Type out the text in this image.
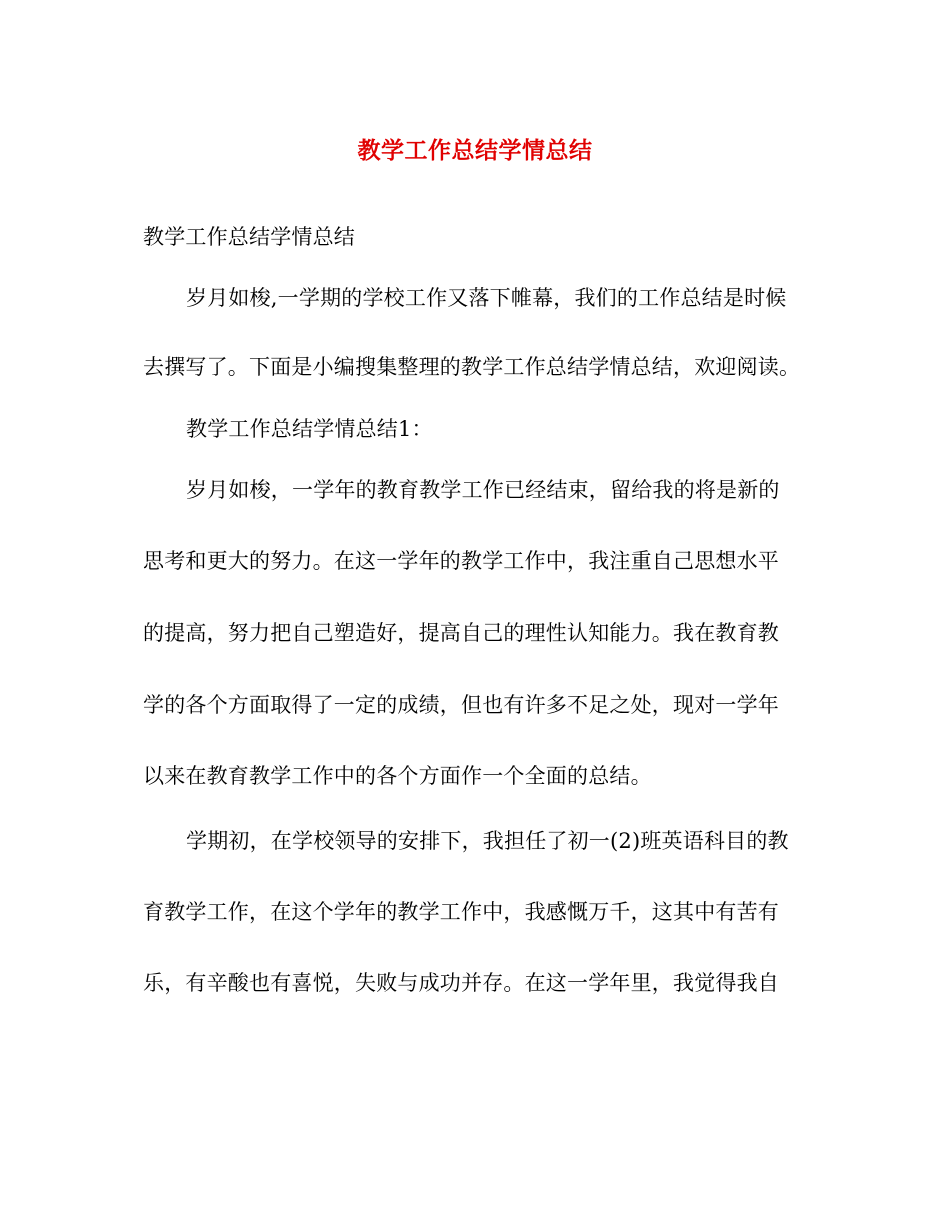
教学工作总结学情总结
教学工作总结学情总结
岁月如梭,一学期的学校工作又落下帷幕，我们的工作总结是时候
去撰写了。下面是小编搜集整理的教学工作总结学情总结，欢迎阅读。
教学工作总结学情总结1：
岁月如梭，一学年的教育教学工作已经结束，留给我的将是新的
思考和更大的努力。在这一学年的教学工作中，我注重自己思想水平
的提高，努力把自己塑造好，提高自己的理性认知能力。我在教育教
学的各个方面取得了一定的成绩，但也有许多不足之处，现对一学年
以来在教育教学工作中的各个方面作一个全面的总结。
学期初，在学校领导的安排下，我担任了初一(2)班英语科目的教
育教学工作，在这个学年的教学工作中，我感慨万千，这其中有苦有
乐，有辛酸也有喜悦，失败与成功并存。在这一学年里，我觉得我自
